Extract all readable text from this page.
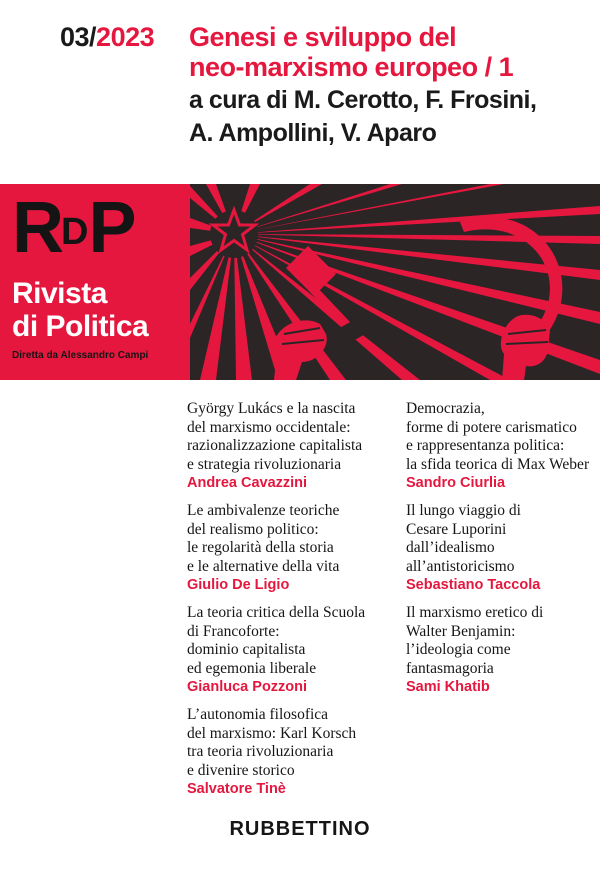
03/2023 Genesi e sviluppo del
neo-marxismo europeo / 1
a cura di M. Cerotto, F. Frosini,
A. Ampollini, V. Aparo
$R^DP$
Rivista
di Politica
Diretta da Alessandro Campi
György Lukács e la nascita
del marxismo occidentale:
razionalizzazione capitalista
e strategia rivoluzionaria
Andrea Cavazzini
Le ambivalenze teoriche
del realismo politico:
le regolarità della storia
e le alternative della vita
Giulio De Ligio
La teoria critica della Scuola
di Francoforte:
dominio capitalista
ed egemonia liberale
Gianluca Pozzoni
L’autonomia filosofica
del marxismo: Karl Korsch
tra teoria rivoluzionaria
e divenire storico
Salvatore Tinè
Democrazia,
forme di potere carismatico
e rappresentanza politica:
la sfida teorica di Max Weber
Sandro Ciurlia
Il lungo viaggio di
Cesare Luporini
dall’idealismo
all’antistoricismo
Sebastiano Taccola
Il marxismo eretico di
Walter Benjamin:
l’ideologia come
fantasmagoria
Sami Khatib
RUBBETTINO
